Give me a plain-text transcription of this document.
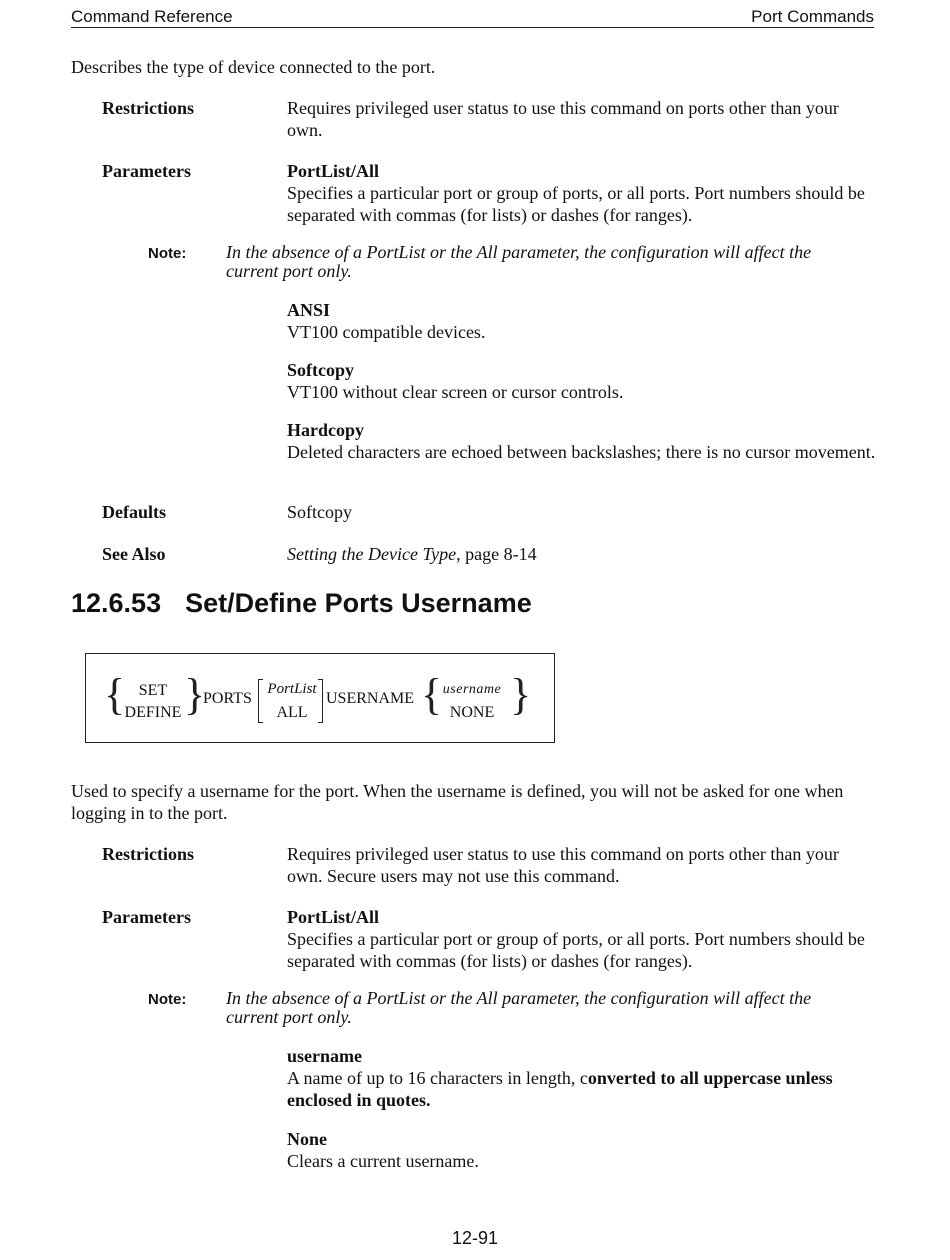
Command Reference	Port Commands
Describes the type of device connected to the port.
Restrictions	Requires privileged user status to use this command on ports other than your own.
Parameters	PortList/All
Specifies a particular port or group of ports, or all ports. Port numbers should be separated with commas (for lists) or dashes (for ranges).
Note: In the absence of a PortList or the All parameter, the configuration will affect the current port only.
ANSI
VT100 compatible devices.
Softcopy
VT100 without clear screen or cursor controls.
Hardcopy
Deleted characters are echoed between backslashes; there is no cursor movement.
Defaults	Softcopy
See Also	Setting the Device Type, page 8-14
12.6.53 Set/Define Ports Username
{ SET
DEFINE }
PORTS
PortList
ALL
USERNAME { username
NONE }
Used to specify a username for the port. When the username is defined, you will not be asked for one when logging in to the port.
Restrictions	Requires privileged user status to use this command on ports other than your own. Secure users may not use this command.
Parameters	PortList/All
Specifies a particular port or group of ports, or all ports. Port numbers should be separated with commas (for lists) or dashes (for ranges).
Note: In the absence of a PortList or the All parameter, the configuration will affect the current port only.
username
A name of up to 16 characters in length, converted to all uppercase unless enclosed in quotes.
None
Clears a current username.
12-91
